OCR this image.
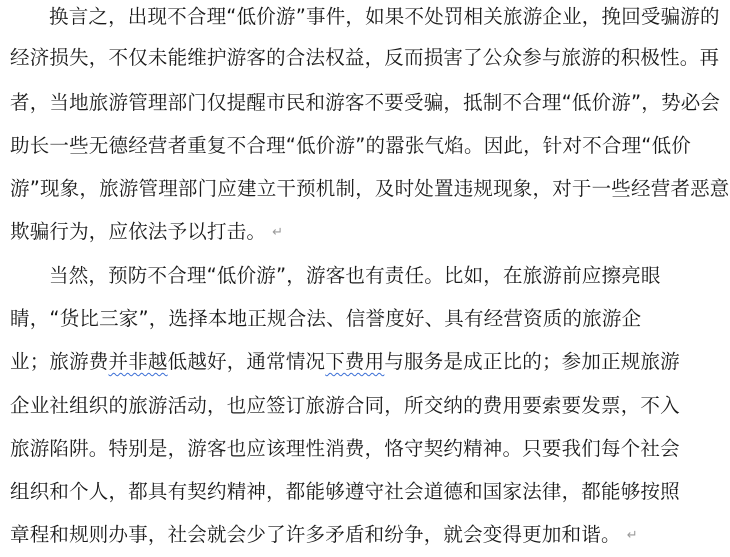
换言之，出现不合理“低价游”事件，如果不处罚相关旅游企业，挽回受骗游的
经济损失，不仅未能维护游客的合法权益，反而损害了公众参与旅游的积极性。再
者，当地旅游管理部门仅提醒市民和游客不要受骗，抵制不合理“低价游”，势必会
助长一些无德经营者重复不合理“低价游”的嚣张气焰。因此，针对不合理“低价
游”现象，旅游管理部门应建立干预机制，及时处置违规现象，对于一些经营者恶意
欺骗行为，应依法予以打击。 ↵
当然，预防不合理“低价游”，游客也有责任。比如，在旅游前应擦亮眼
睛，“货比三家”，选择本地正规合法、信誉度好、具有经营资质的旅游企
业；旅游费并非越低越好，通常情况下费用与服务是成正比的；参加正规旅游
企业社组织的旅游活动，也应签订旅游合同，所交纳的费用要索要发票，不入
旅游陷阱。特别是，游客也应该理性消费，恪守契约精神。只要我们每个社会
组织和个人，都具有契约精神，都能够遵守社会道德和国家法律，都能够按照
章程和规则办事，社会就会少了许多矛盾和纷争，就会变得更加和谐。 ↵
